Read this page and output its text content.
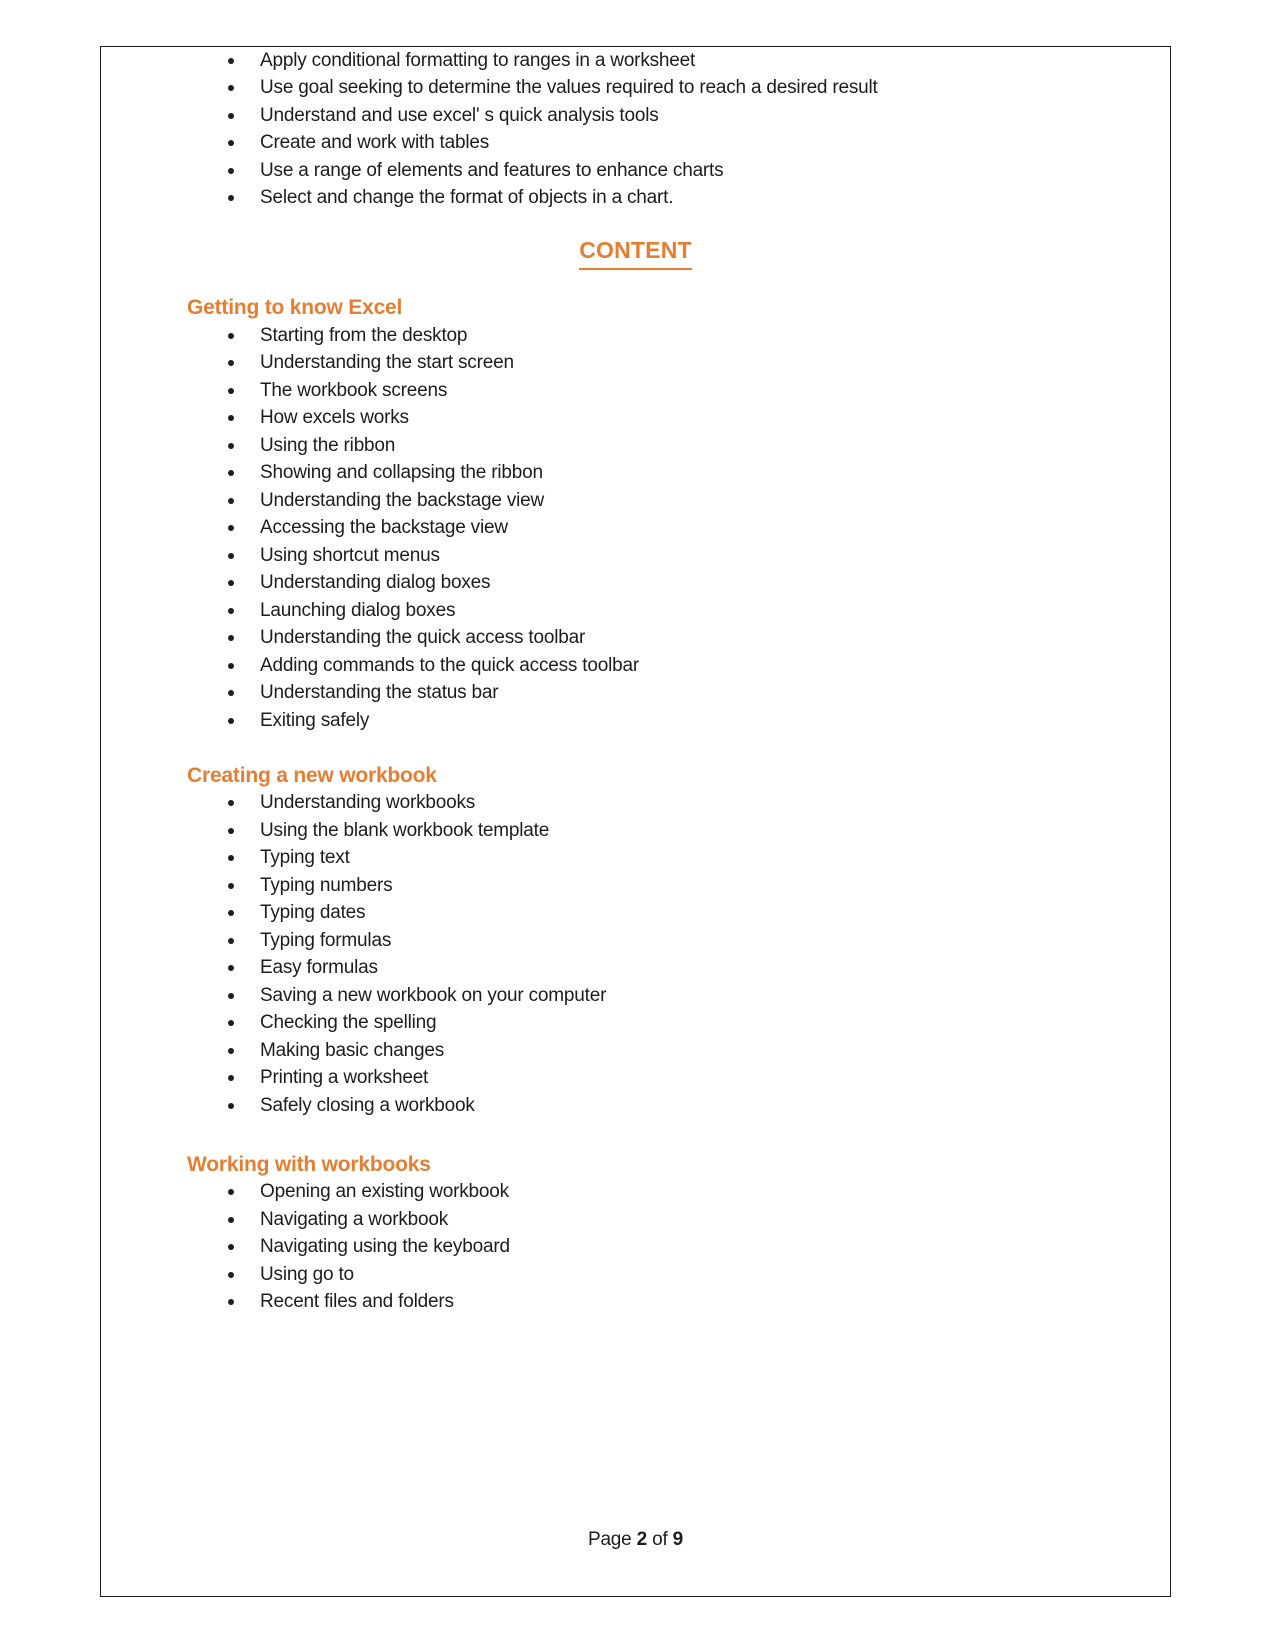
Apply conditional formatting to ranges in a worksheet
Use goal seeking to determine the values required to reach a desired result
Understand and use excel' s quick analysis tools
Create and work with tables
Use a range of elements and features to enhance charts
Select and change the format of objects in a chart.
CONTENT
Getting to know Excel
Starting from the desktop
Understanding the start screen
The workbook screens
How excels works
Using the ribbon
Showing and collapsing the ribbon
Understanding the backstage view
Accessing the backstage view
Using shortcut menus
Understanding dialog boxes
Launching dialog boxes
Understanding the quick access toolbar
Adding commands to the quick access toolbar
Understanding the status bar
Exiting safely
Creating a new workbook
Understanding workbooks
Using the blank workbook template
Typing text
Typing numbers
Typing dates
Typing formulas
Easy formulas
Saving a new workbook on your computer
Checking the spelling
Making basic changes
Printing a worksheet
Safely closing a workbook
Working with workbooks
Opening an existing workbook
Navigating a workbook
Navigating using the keyboard
Using go to
Recent files and folders
Page 2 of 9
